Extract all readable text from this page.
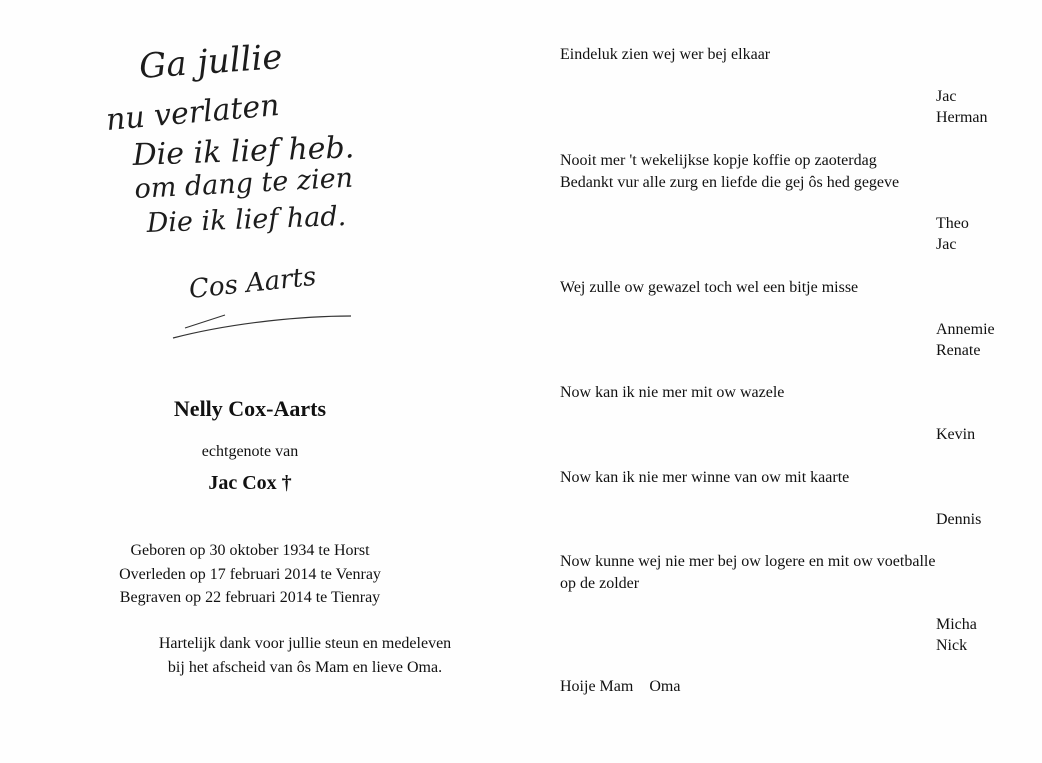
Ga jullie
nu verlaten
Die ik lief heb.
om dang te zien
Die ik lief had.
Cos Aarts
Nelly Cox-Aarts
echtgenote van
Jac Cox †
Geboren op 30 oktober 1934 te Horst
Overleden op 17 februari 2014 te Venray
Begraven op 22 februari 2014 te Tienray
Hartelijk dank voor jullie steun en medeleven
bij het afscheid van ôs Mam en lieve Oma.
Eindeluk zien wej wer bej elkaar
Jac
Herman
Nooit mer 't wekelijkse kopje koffie op zaoterdag
Bedankt vur alle zurg en liefde die gej ôs hed gegeve
Theo
Jac
Wej zulle ow gewazel toch wel een bitje misse
Annemie
Renate
Now kan ik nie mer mit ow wazele
Kevin
Now kan ik nie mer winne van ow mit kaarte
Dennis
Now kunne wej nie mer bej ow logere en mit ow voetballe
op de zolder
Micha
Nick
Hoije Mam Oma
